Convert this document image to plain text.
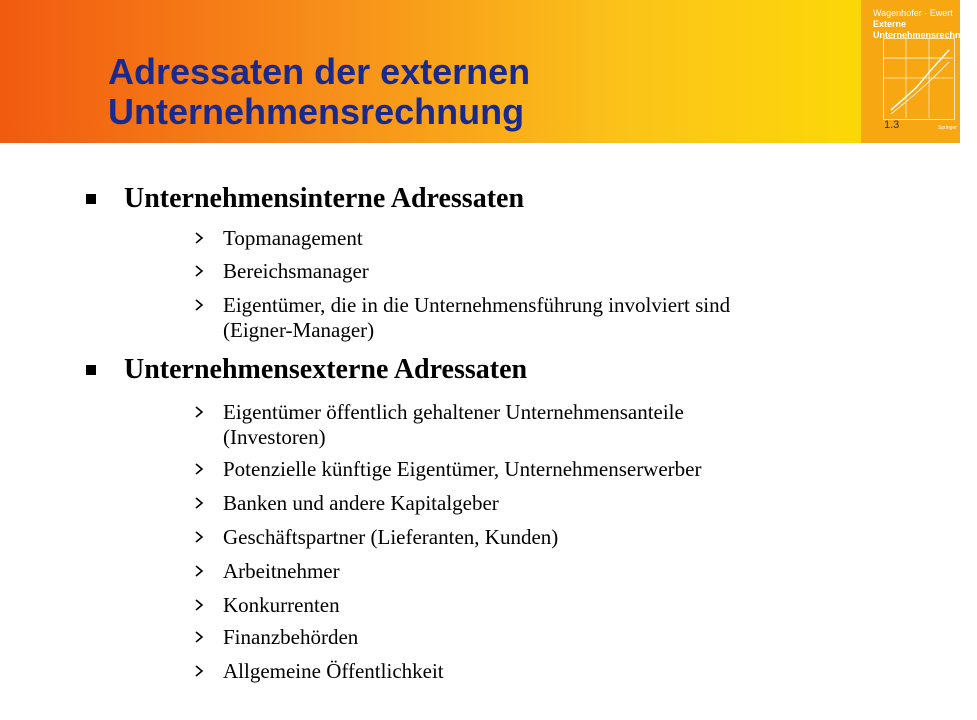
Adressaten der externen
Unternehmensrechnung
Wagenhofer · Ewert
Externe
Unternehmensrechnung
Springer
1.3
Unternehmensinterne Adressaten
Topmanagement
Bereichsmanager
Eigentümer, die in die Unternehmensführung involviert sind
(Eigner-Manager)
Unternehmensexterne Adressaten
Eigentümer öffentlich gehaltener Unternehmensanteile
(Investoren)
Potenzielle künftige Eigentümer, Unternehmenserwerber
Banken und andere Kapitalgeber
Geschäftspartner (Lieferanten, Kunden)
Arbeitnehmer
Konkurrenten
Finanzbehörden
Allgemeine Öffentlichkeit
